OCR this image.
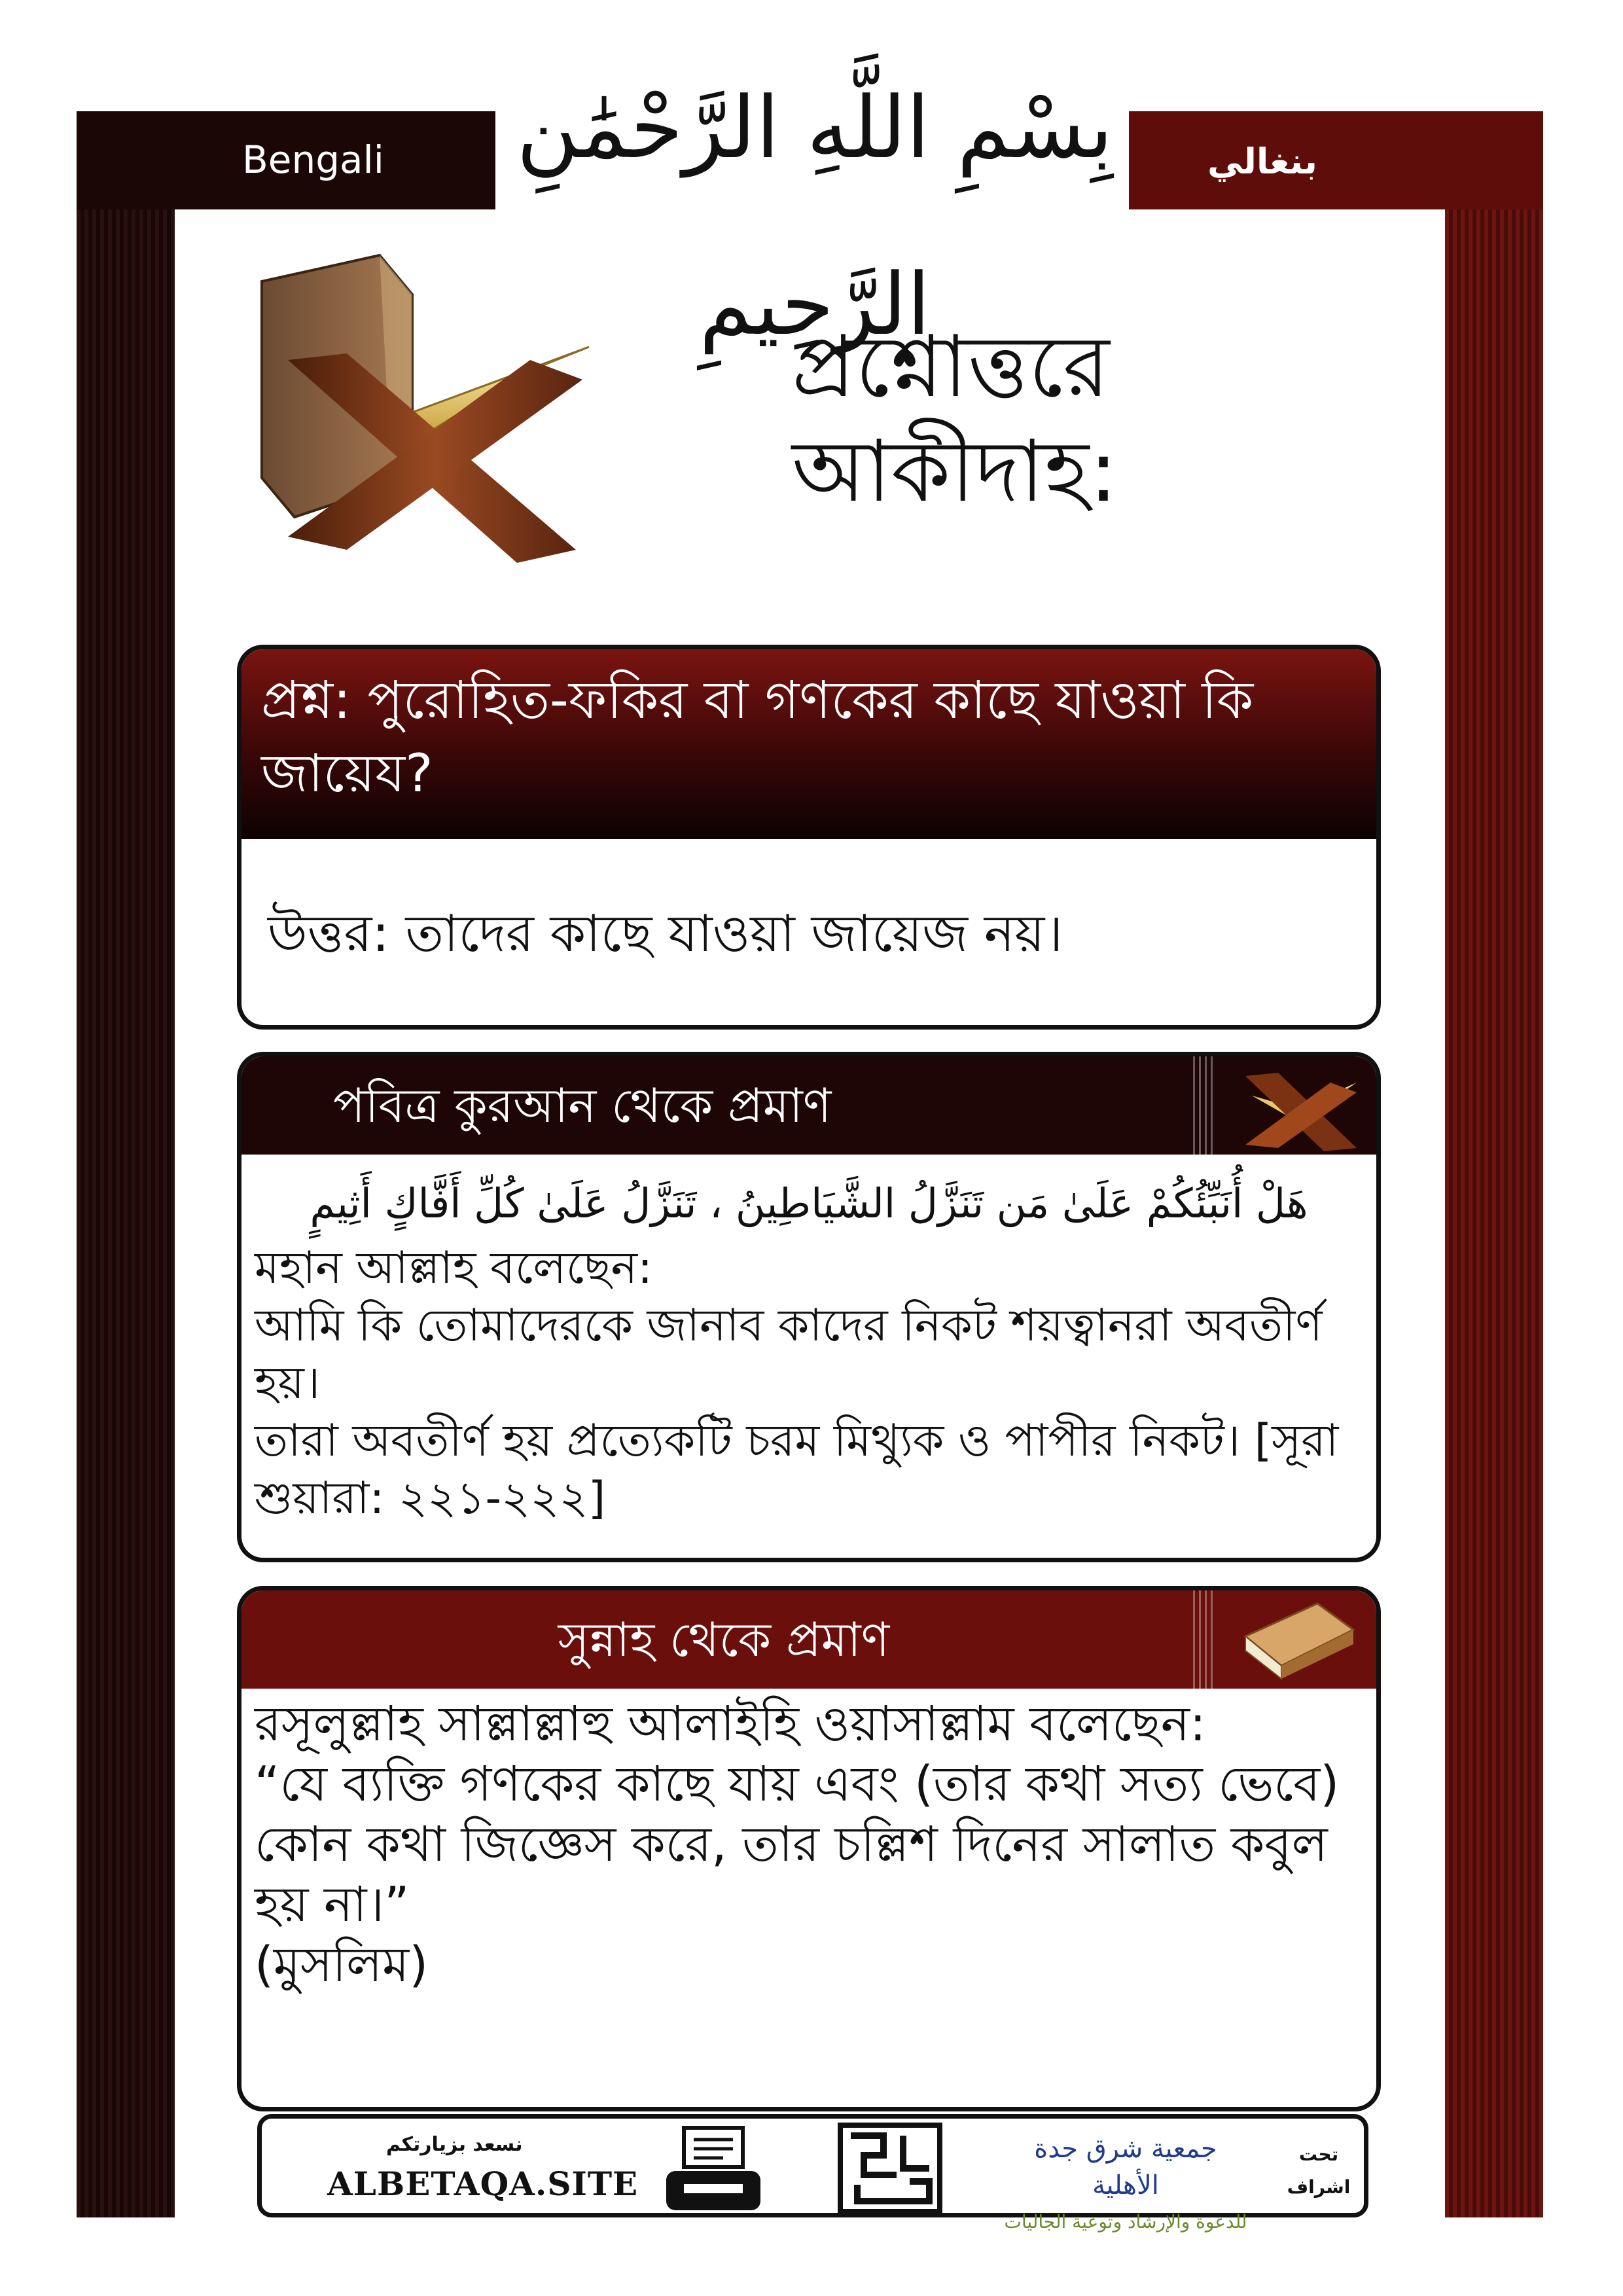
Bengali	بنغالي
بِسْمِ اللَّهِ الرَّحْمَٰنِ الرَّحِيمِ
প্রশ্নোত্তরে
আকীদাহ:
প্রশ্ন: পুরোহিত-ফকির বা গণকের কাছে যাওয়া কি জায়েয?
উত্তর: তাদের কাছে যাওয়া জায়েজ নয়।
পবিত্র কুরআন থেকে প্রমাণ
هَلْ أُنَبِّئُكُمْ عَلَىٰ مَن تَنَزَّلُ الشَّيَاطِينُ ، تَنَزَّلُ عَلَىٰ كُلِّ أَفَّاكٍ أَثِيمٍ
মহান আল্লাহ বলেছেন:
আমি কি তোমাদেরকে জানাব কাদের নিকট শয়ত্বানরা অবতীর্ণ হয়।
তারা অবতীর্ণ হয় প্রত্যেকটি চরম মিথ্যুক ও পাপীর নিকট। [সূরা শুয়ারা: ২২১-২২২]
সুন্নাহ থেকে প্রমাণ
রসূলুল্লাহ সাল্লাল্লাহু আলাইহি ওয়াসাল্লাম বলেছেন:
“যে ব্যক্তি গণকের কাছে যায় এবং (তার কথা সত্য ভেবে) কোন কথা জিজ্ঞেস করে, তার চল্লিশ দিনের সালাত কবুল হয় না।”
(মুসলিম)
نسعد بزيارتكم
ALBETAQA.SITE
جمعية شرق جدة الأهلية
للدعوة والإرشاد وتوعية الجاليات
تحت
اشراف
